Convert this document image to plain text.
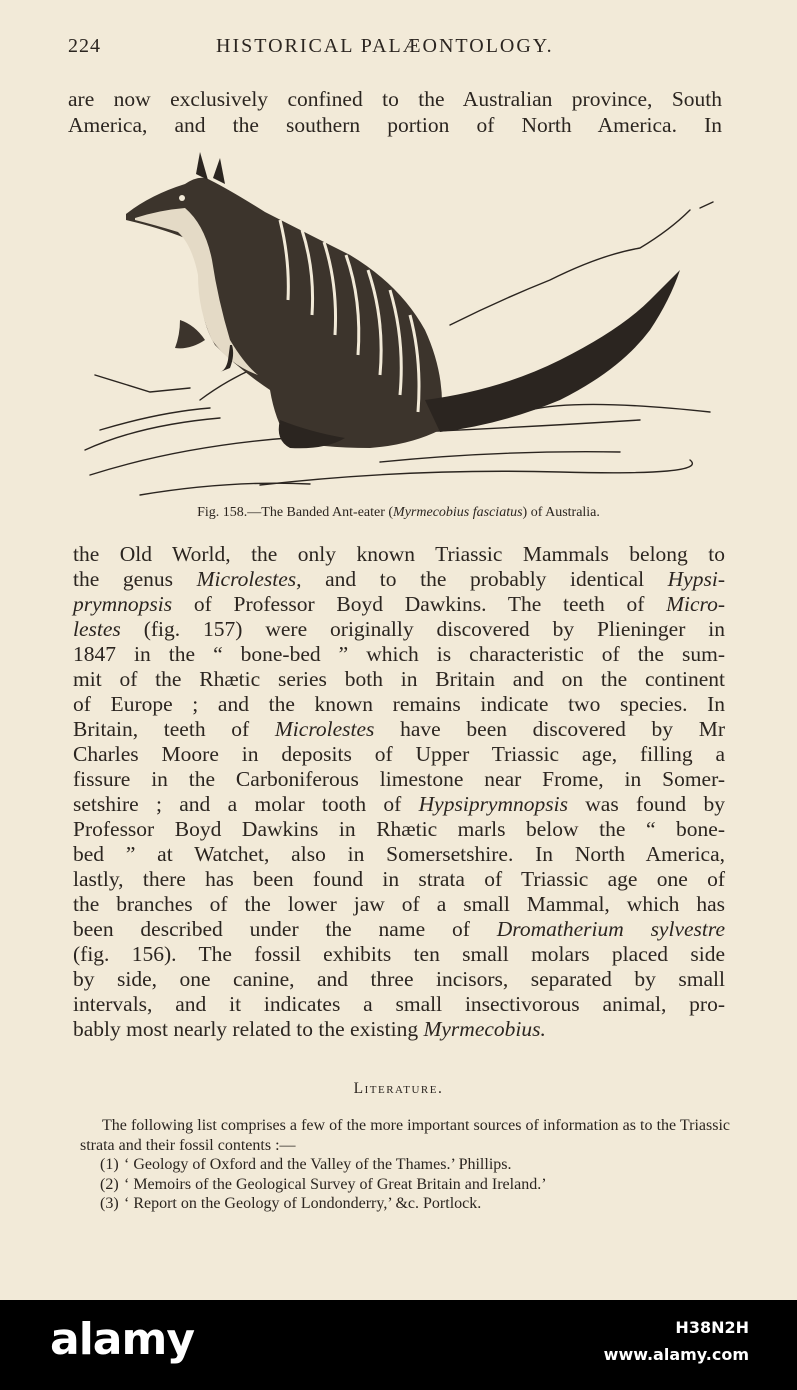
224	HISTORICAL PALÆONTOLOGY.
are now exclusively confined to the Australian province, South
America, and the southern portion of North America. In
Fig. 158.—The Banded Ant-eater (Myrmecobius fasciatus) of Australia.
the Old World, the only known Triassic Mammals belong to
the genus Microlestes, and to the probably identical Hypsi-
prymnopsis of Professor Boyd Dawkins. The teeth of Micro-
lestes (fig. 157) were originally discovered by Plieninger in
1847 in the “ bone-bed ” which is characteristic of the sum-
mit of the Rhætic series both in Britain and on the continent
of Europe ; and the known remains indicate two species. In
Britain, teeth of Microlestes have been discovered by Mr
Charles Moore in deposits of Upper Triassic age, filling a
fissure in the Carboniferous limestone near Frome, in Somer-
setshire ; and a molar tooth of Hypsiprymnopsis was found by
Professor Boyd Dawkins in Rhætic marls below the “ bone-
bed ” at Watchet, also in Somersetshire. In North America,
lastly, there has been found in strata of Triassic age one of
the branches of the lower jaw of a small Mammal, which has
been described under the name of Dromatherium sylvestre
(fig. 156). The fossil exhibits ten small molars placed side
by side, one canine, and three incisors, separated by small
intervals, and it indicates a small insectivorous animal, pro-
bably most nearly related to the existing Myrmecobius.
Literature.
The following list comprises a few of the more important sources of information as to the Triassic strata and their fossil contents :—
(1) ‘ Geology of Oxford and the Valley of the Thames.’ Phillips.
(2) ‘ Memoirs of the Geological Survey of Great Britain and Ireland.’
(3) ‘ Report on the Geology of Londonderry,’ &c. Portlock.
alamy	H38N2H
www.alamy.com
